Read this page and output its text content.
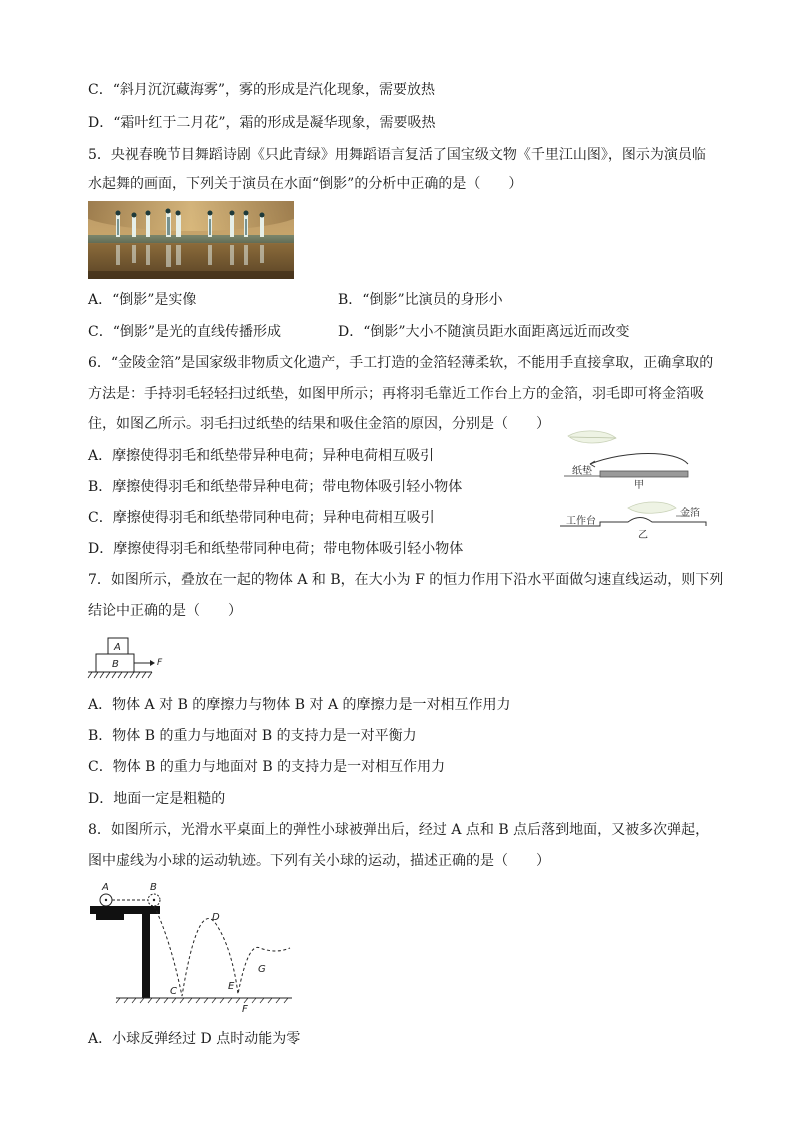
C．“斜月沉沉藏海雾”，雾的形成是汽化现象，需要放热
D．“霜叶红于二月花”，霜的形成是凝华现象，需要吸热
5．央视春晚节目舞蹈诗剧《只此青绿》用舞蹈语言复活了国宝级文物《千里江山图》，图示为演员临
水起舞的画面，下列关于演员在水面“倒影”的分析中正确的是（　　）
A．“倒影”是实像	B．“倒影”比演员的身形小
C．“倒影”是光的直线传播形成	D．“倒影”大小不随演员距水面距离远近而改变
6．“金陵金箔”是国家级非物质文化遗产，手工打造的金箔轻薄柔软，不能用手直接拿取，正确拿取的
方法是：手持羽毛轻轻扫过纸垫，如图甲所示；再将羽毛靠近工作台上方的金箔，羽毛即可将金箔吸
住，如图乙所示。羽毛扫过纸垫的结果和吸住金箔的原因，分别是（　　）
A．摩擦使得羽毛和纸垫带异种电荷；异种电荷相互吸引
B．摩擦使得羽毛和纸垫带异种电荷；带电物体吸引轻小物体
C．摩擦使得羽毛和纸垫带同种电荷；异种电荷相互吸引
D．摩擦使得羽毛和纸垫带同种电荷；带电物体吸引轻小物体
纸垫
甲
金箔
工作台
乙
7．如图所示，叠放在一起的物体 A 和 B，在大小为 F 的恒力作用下沿水平面做匀速直线运动，则下列
结论中正确的是（　　）
A
B	F
A．物体 A 对 B 的摩擦力与物体 B 对 A 的摩擦力是一对相互作用力
B．物体 B 的重力与地面对 B 的支持力是一对平衡力
C．物体 B 的重力与地面对 B 的支持力是一对相互作用力
D．地面一定是粗糙的
8．如图所示，光滑水平桌面上的弹性小球被弹出后，经过 A 点和 B 点后落到地面，又被多次弹起，
图中虚线为小球的运动轨迹。下列有关小球的运动，描述正确的是（　　）
A	B
C
D
E
F
G
A．小球反弹经过 D 点时动能为零
